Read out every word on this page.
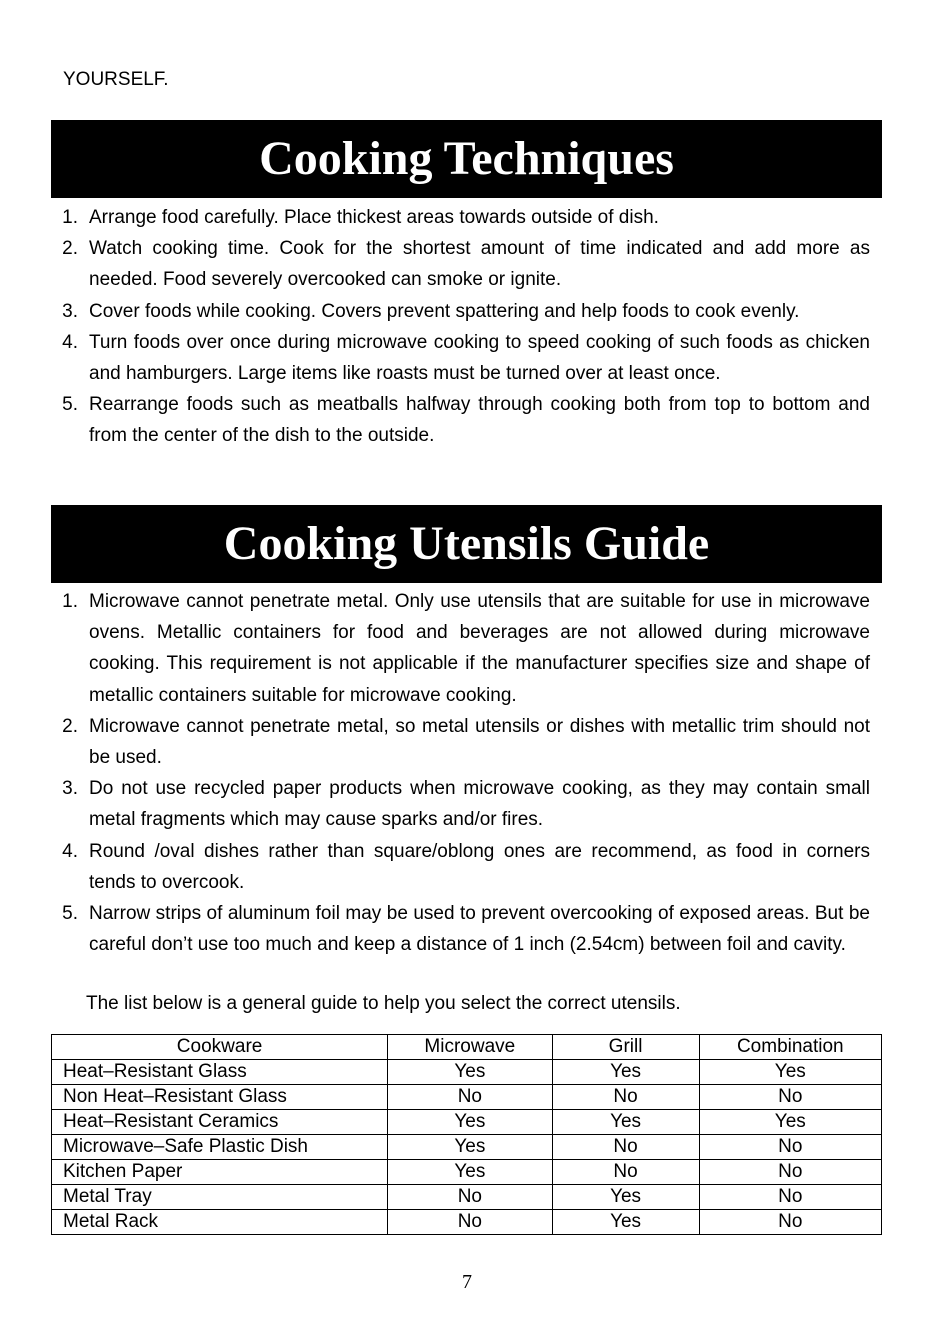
YOURSELF.
Cooking Techniques
1. Arrange food carefully. Place thickest areas towards outside of dish.
2. Watch cooking time. Cook for the shortest amount of time indicated and add more as needed. Food severely overcooked can smoke or ignite.
3. Cover foods while cooking. Covers prevent spattering and help foods to cook evenly.
4. Turn foods over once during microwave cooking to speed cooking of such foods as chicken and hamburgers. Large items like roasts must be turned over at least once.
5. Rearrange foods such as meatballs halfway through cooking both from top to bottom and from the center of the dish to the outside.
Cooking Utensils Guide
1. Microwave cannot penetrate metal. Only use utensils that are suitable for use in microwave ovens. Metallic containers for food and beverages are not allowed during microwave cooking. This requirement is not applicable if the manufacturer specifies size and shape of metallic containers suitable for microwave cooking.
2. Microwave cannot penetrate metal, so metal utensils or dishes with metallic trim should not be used.
3. Do not use recycled paper products when microwave cooking, as they may contain small metal fragments which may cause sparks and/or fires.
4. Round /oval dishes rather than square/oblong ones are recommend, as food in corners tends to overcook.
5. Narrow strips of aluminum foil may be used to prevent overcooking of exposed areas. But be careful don’t use too much and keep a distance of 1 inch (2.54cm) between foil and cavity.
The list below is a general guide to help you select the correct utensils.
Cookware	Microwave	Grill	Combination
Heat–Resistant Glass	Yes	Yes	Yes
Non Heat–Resistant Glass	No	No	No
Heat–Resistant Ceramics	Yes	Yes	Yes
Microwave–Safe Plastic Dish	Yes	No	No
Kitchen Paper	Yes	No	No
Metal Tray	No	Yes	No
Metal Rack	No	Yes	No
7
